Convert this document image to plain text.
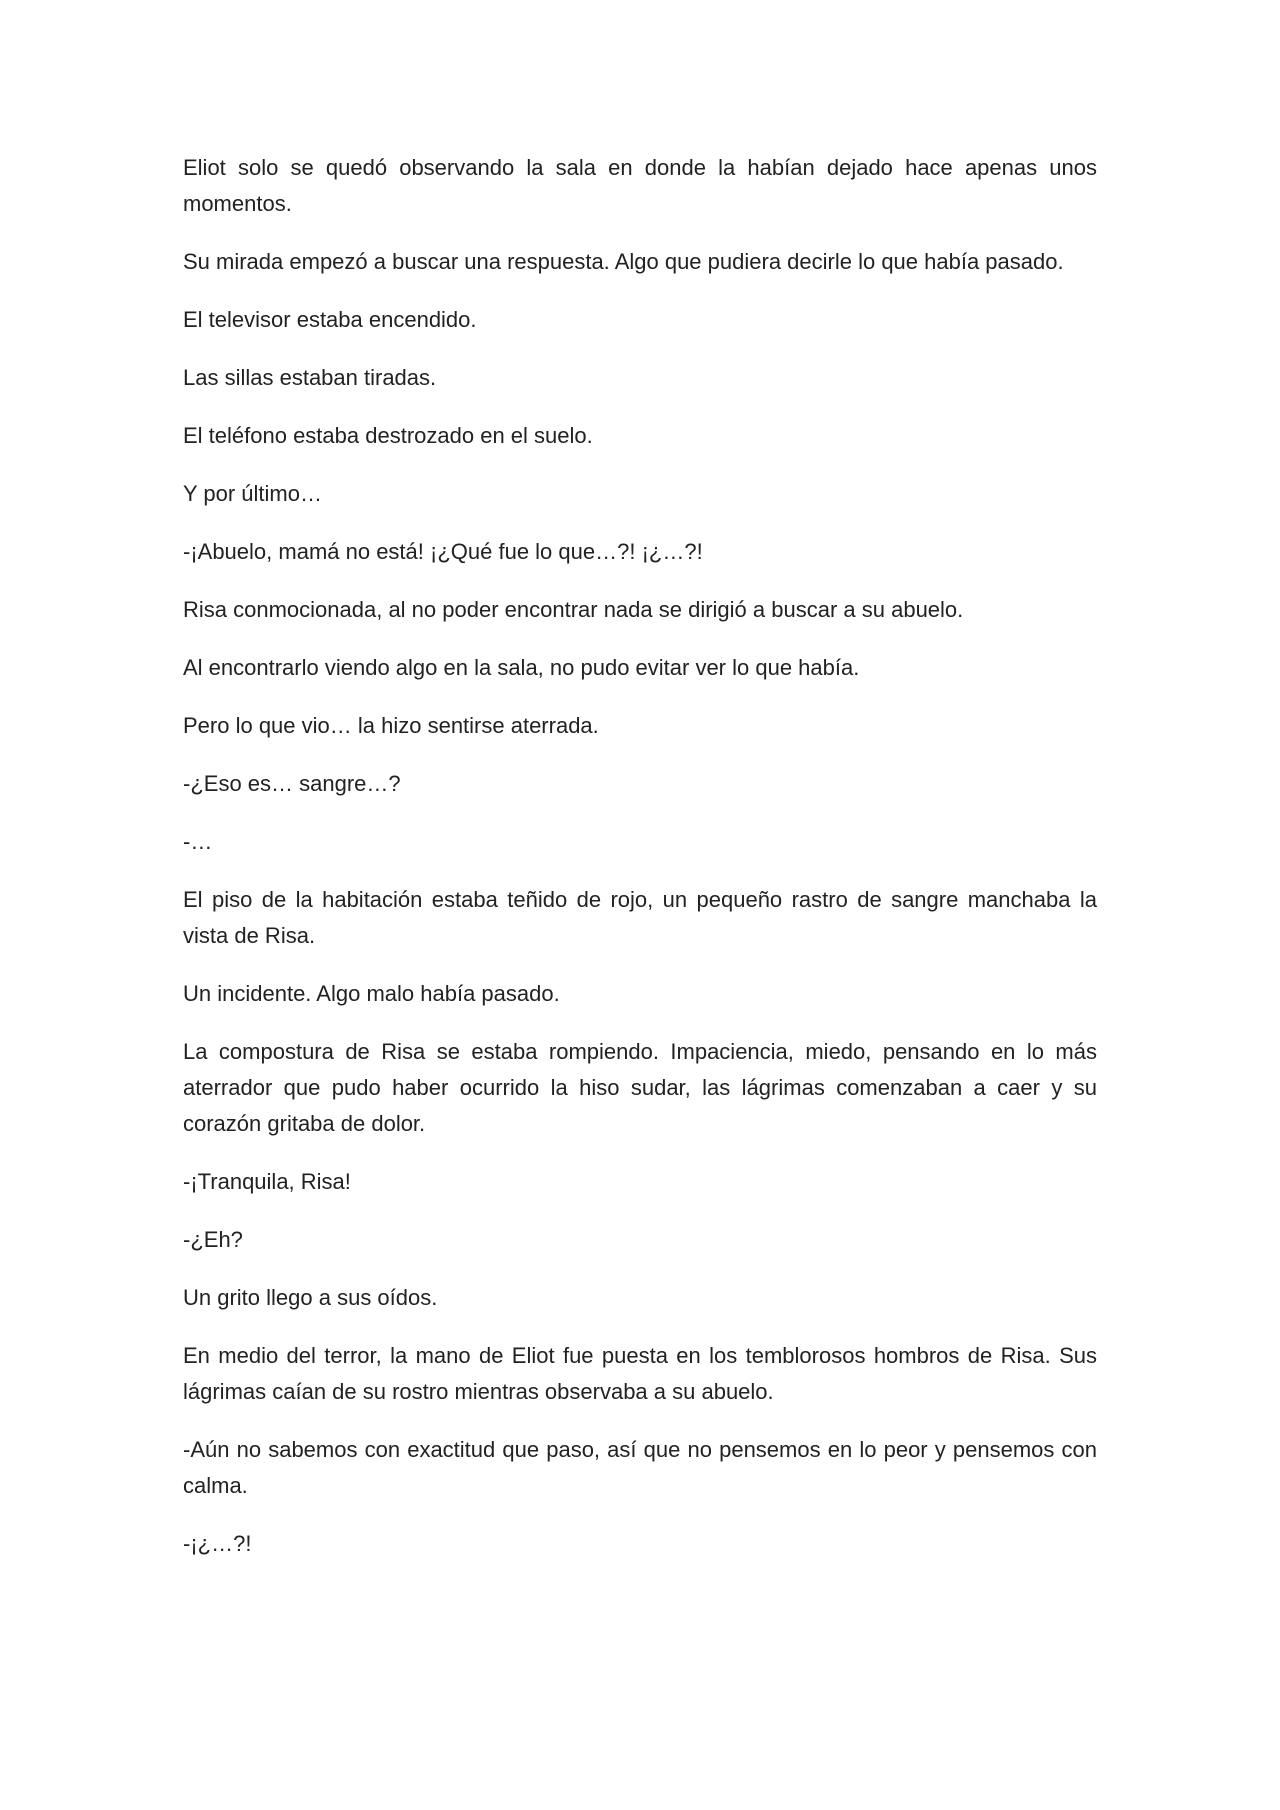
Eliot solo se quedó observando la sala en donde la habían dejado hace apenas unos momentos.

Su mirada empezó a buscar una respuesta. Algo que pudiera decirle lo que había pasado.

El televisor estaba encendido.

Las sillas estaban tiradas.

El teléfono estaba destrozado en el suelo.

Y por último…

-¡Abuelo, mamá no está! ¡¿Qué fue lo que…?! ¡¿…?!

Risa conmocionada, al no poder encontrar nada se dirigió a buscar a su abuelo.

Al encontrarlo viendo algo en la sala, no pudo evitar ver lo que había.

Pero lo que vio… la hizo sentirse aterrada.

-¿Eso es… sangre…?

-…

El piso de la habitación estaba teñido de rojo, un pequeño rastro de sangre manchaba la vista de Risa.

Un incidente. Algo malo había pasado.

La compostura de Risa se estaba rompiendo. Impaciencia, miedo, pensando en lo más aterrador que pudo haber ocurrido la hiso sudar, las lágrimas comenzaban a caer y su corazón gritaba de dolor.

-¡Tranquila, Risa!

-¿Eh?

Un grito llego a sus oídos.

En medio del terror, la mano de Eliot fue puesta en los temblorosos hombros de Risa. Sus lágrimas caían de su rostro mientras observaba a su abuelo.

-Aún no sabemos con exactitud que paso, así que no pensemos en lo peor y pensemos con calma.

-¡¿…?!
